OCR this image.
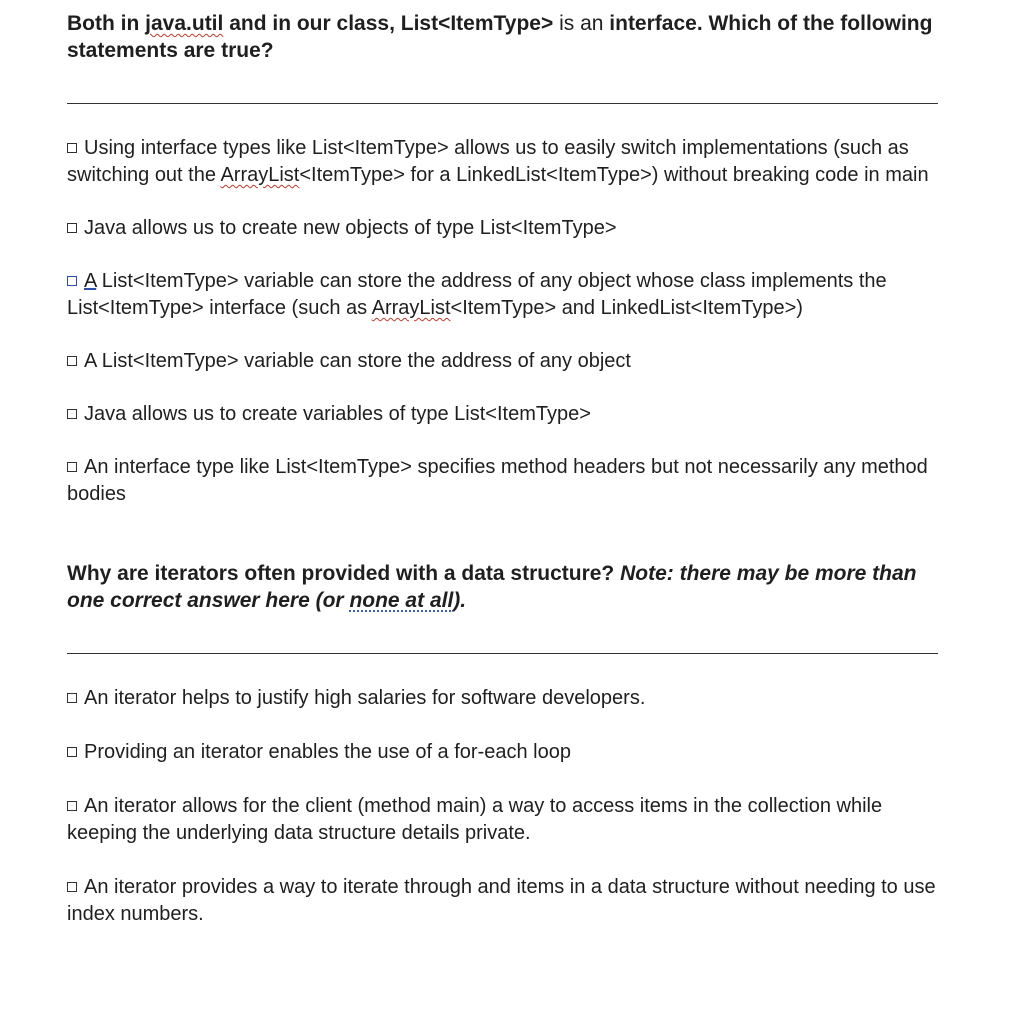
Both in java.util and in our class, List<ItemType> is an interface. Which of the following statements are true?

Using interface types like List<ItemType> allows us to easily switch implementations (such as switching out the ArrayList<ItemType> for a LinkedList<ItemType>) without breaking code in main

Java allows us to create new objects of type List<ItemType>

A List<ItemType> variable can store the address of any object whose class implements the List<ItemType> interface (such as ArrayList<ItemType> and LinkedList<ItemType>)

A List<ItemType> variable can store the address of any object

Java allows us to create variables of type List<ItemType>

An interface type like List<ItemType> specifies method headers but not necessarily any method bodies

Why are iterators often provided with a data structure? Note: there may be more than one correct answer here (or none at all).

An iterator helps to justify high salaries for software developers.

Providing an iterator enables the use of a for-each loop

An iterator allows for the client (method main) a way to access items in the collection while keeping the underlying data structure details private.

An iterator provides a way to iterate through and items in a data structure without needing to use index numbers.
